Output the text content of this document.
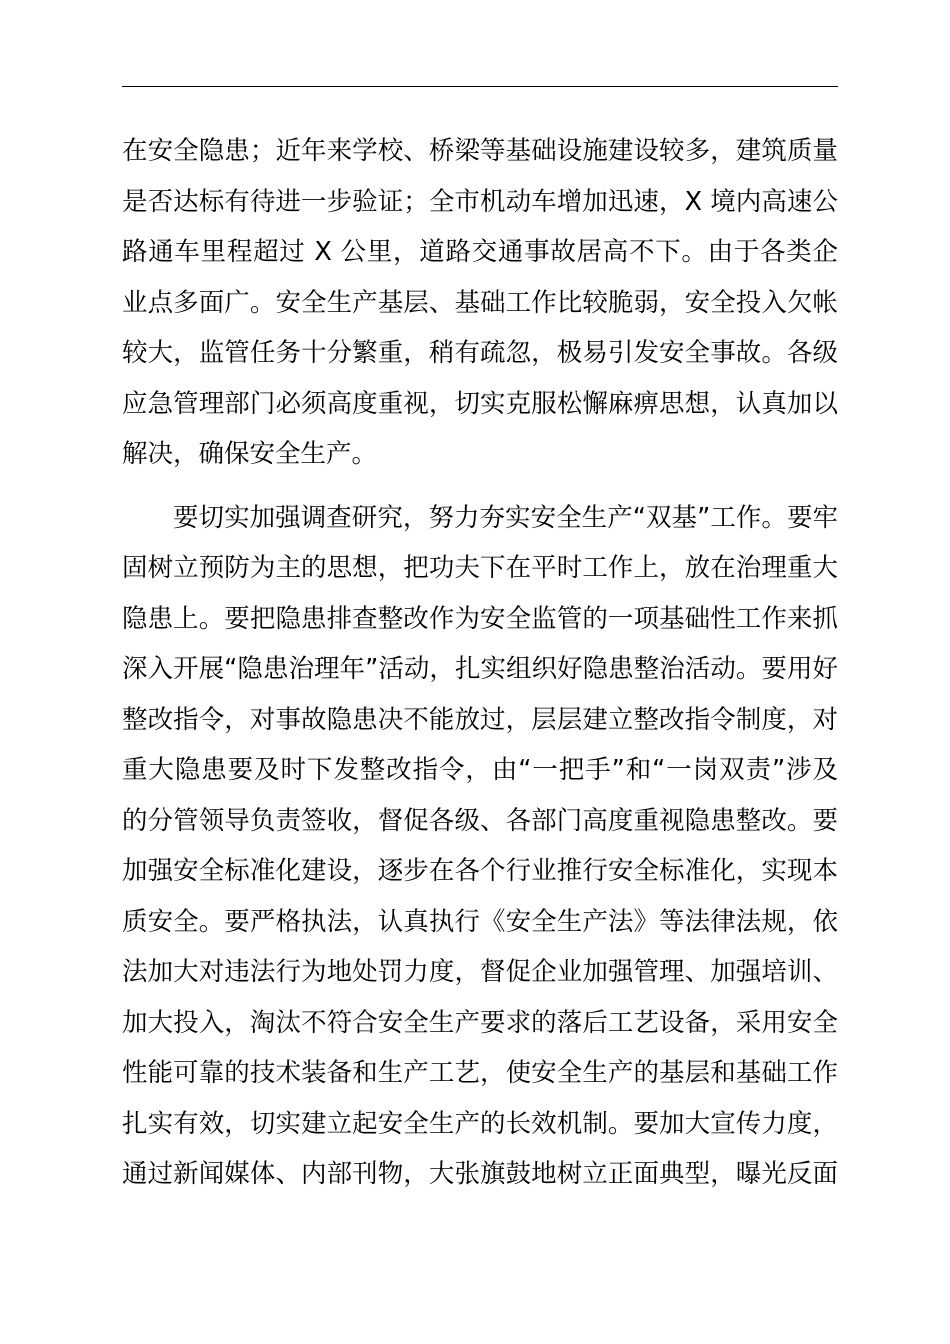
在安全隐患；近年来学校、桥梁等基础设施建设较多，建筑质量
是否达标有待进一步验证；全市机动车增加迅速，X 境内高速公
路通车里程超过 X 公里，道路交通事故居高不下。由于各类企
业点多面广。安全生产基层、基础工作比较脆弱，安全投入欠帐
较大，监管任务十分繁重，稍有疏忽，极易引发安全事故。各级
应急管理部门必须高度重视，切实克服松懈麻痹思想，认真加以
解决，确保安全生产。
要切实加强调查研究，努力夯实安全生产“双基”工作。要牢
固树立预防为主的思想，把功夫下在平时工作上，放在治理重大
隐患上。要把隐患排查整改作为安全监管的一项基础性工作来抓
深入开展“隐患治理年”活动，扎实组织好隐患整治活动。要用好
整改指令，对事故隐患决不能放过，层层建立整改指令制度，对
重大隐患要及时下发整改指令，由“一把手”和“一岗双责”涉及
的分管领导负责签收，督促各级、各部门高度重视隐患整改。要
加强安全标准化建设，逐步在各个行业推行安全标准化，实现本
质安全。要严格执法，认真执行《安全生产法》等法律法规，依
法加大对违法行为地处罚力度，督促企业加强管理、加强培训、
加大投入，淘汰不符合安全生产要求的落后工艺设备，采用安全
性能可靠的技术装备和生产工艺，使安全生产的基层和基础工作
扎实有效，切实建立起安全生产的长效机制。要加大宣传力度，
通过新闻媒体、内部刊物，大张旗鼓地树立正面典型，曝光反面
